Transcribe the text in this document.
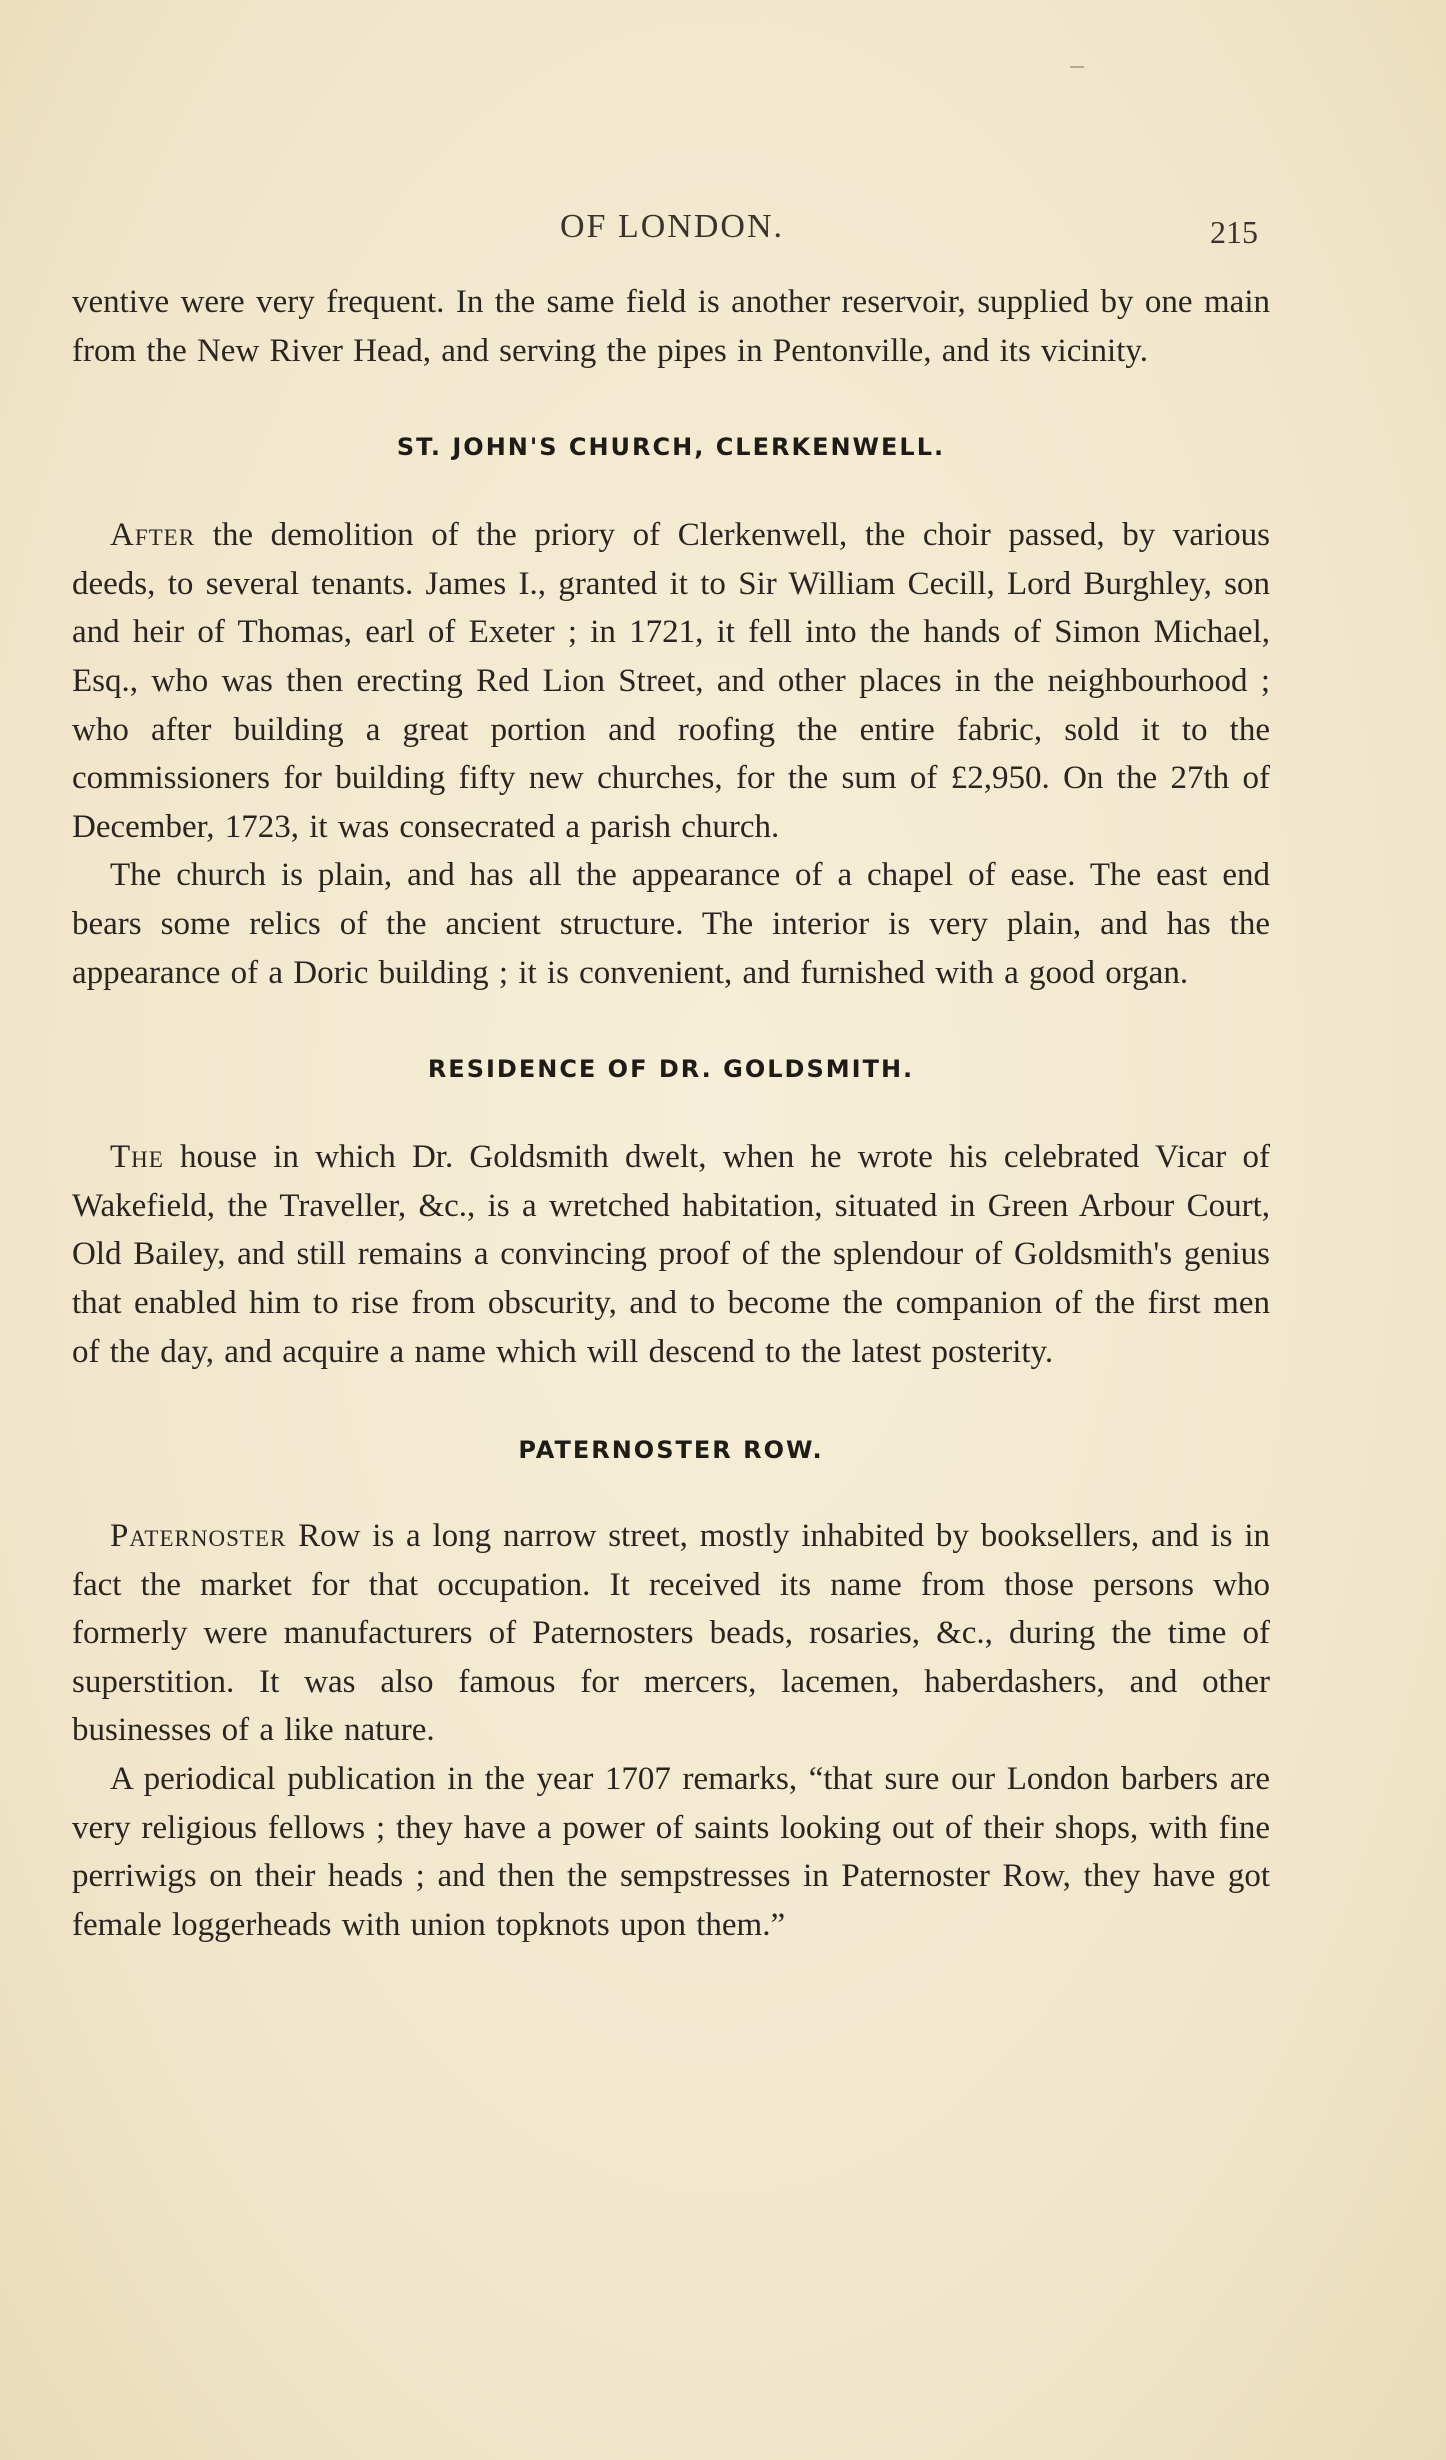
OF LONDON.	215

ventive were very frequent. In the same field is another reservoir, supplied by one main from the New River Head, and serving the pipes in Pentonville, and its vicinity.

ST. JOHN'S CHURCH, CLERKENWELL.

After the demolition of the priory of Clerkenwell, the choir passed, by various deeds, to several tenants. James I., granted it to Sir William Cecill, Lord Burghley, son and heir of Thomas, earl of Exeter ; in 1721, it fell into the hands of Simon Michael, Esq., who was then erecting Red Lion Street, and other places in the neighbourhood ; who after building a great portion and roofing the entire fabric, sold it to the commissioners for building fifty new churches, for the sum of £2,950. On the 27th of December, 1723, it was consecrated a parish church.

The church is plain, and has all the appearance of a chapel of ease. The east end bears some relics of the ancient structure. The interior is very plain, and has the appearance of a Doric building ; it is convenient, and furnished with a good organ.

RESIDENCE OF DR. GOLDSMITH.

The house in which Dr. Goldsmith dwelt, when he wrote his celebrated Vicar of Wakefield, the Traveller, &c., is a wretched habitation, situated in Green Arbour Court, Old Bailey, and still remains a convincing proof of the splendour of Goldsmith's genius that enabled him to rise from obscurity, and to become the companion of the first men of the day, and acquire a name which will descend to the latest posterity.

PATERNOSTER ROW.

Paternoster Row is a long narrow street, mostly inhabited by booksellers, and is in fact the market for that occupation. It received its name from those persons who formerly were manufacturers of Paternosters beads, rosaries, &c., during the time of superstition. It was also famous for mercers, lacemen, haberdashers, and other businesses of a like nature.

A periodical publication in the year 1707 remarks, “that sure our London barbers are very religious fellows ; they have a power of saints looking out of their shops, with fine perriwigs on their heads ; and then the sempstresses in Paternoster Row, they have got female loggerheads with union topknots upon them.”
